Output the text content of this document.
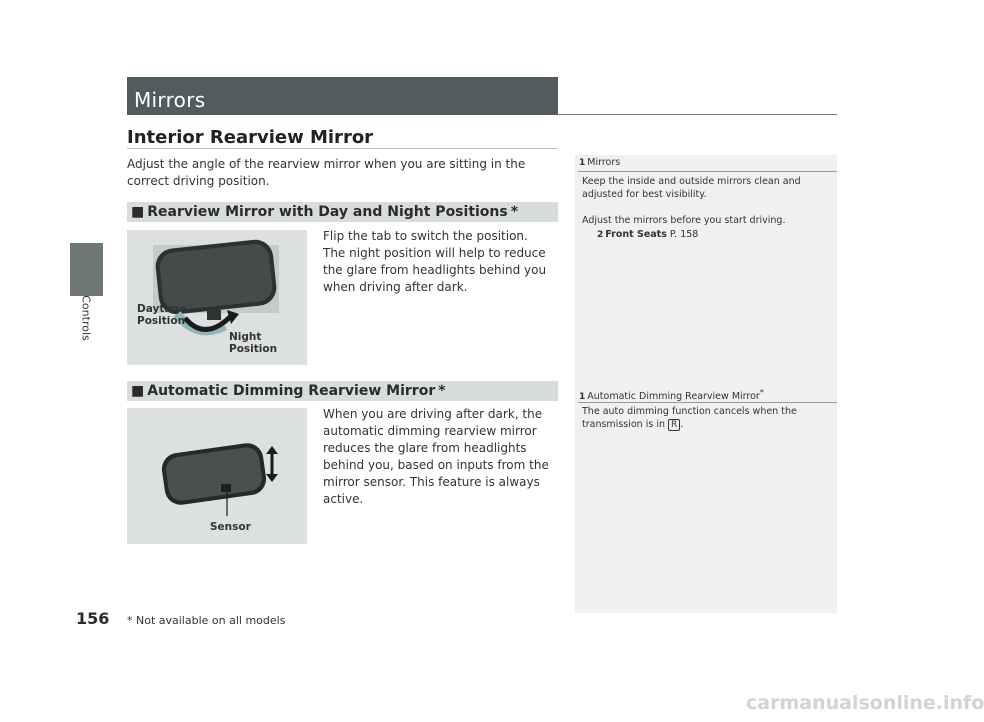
Controls
156
Mirrors
Interior Rearview Mirror
Adjust the angle of the rearview mirror when you are sitting in the correct driving position.
■ Rearview Mirror with Day and Night Positions *
Daytime
Position
Night
Position
Flip the tab to switch the position.
The night position will help to reduce the glare from headlights behind you when driving after dark.
■ Automatic Dimming Rearview Mirror *
Sensor
When you are driving after dark, the automatic dimming rearview mirror reduces the glare from headlights behind you, based on inputs from the mirror sensor. This feature is always active.
1 Mirrors
Keep the inside and outside mirrors clean and adjusted for best visibility.
Adjust the mirrors before you start driving.
2 Front Seats P. 158
1 Automatic Dimming Rearview Mirror*
The auto dimming function cancels when the transmission is in R .
* Not available on all models
carmanualsonline.info
